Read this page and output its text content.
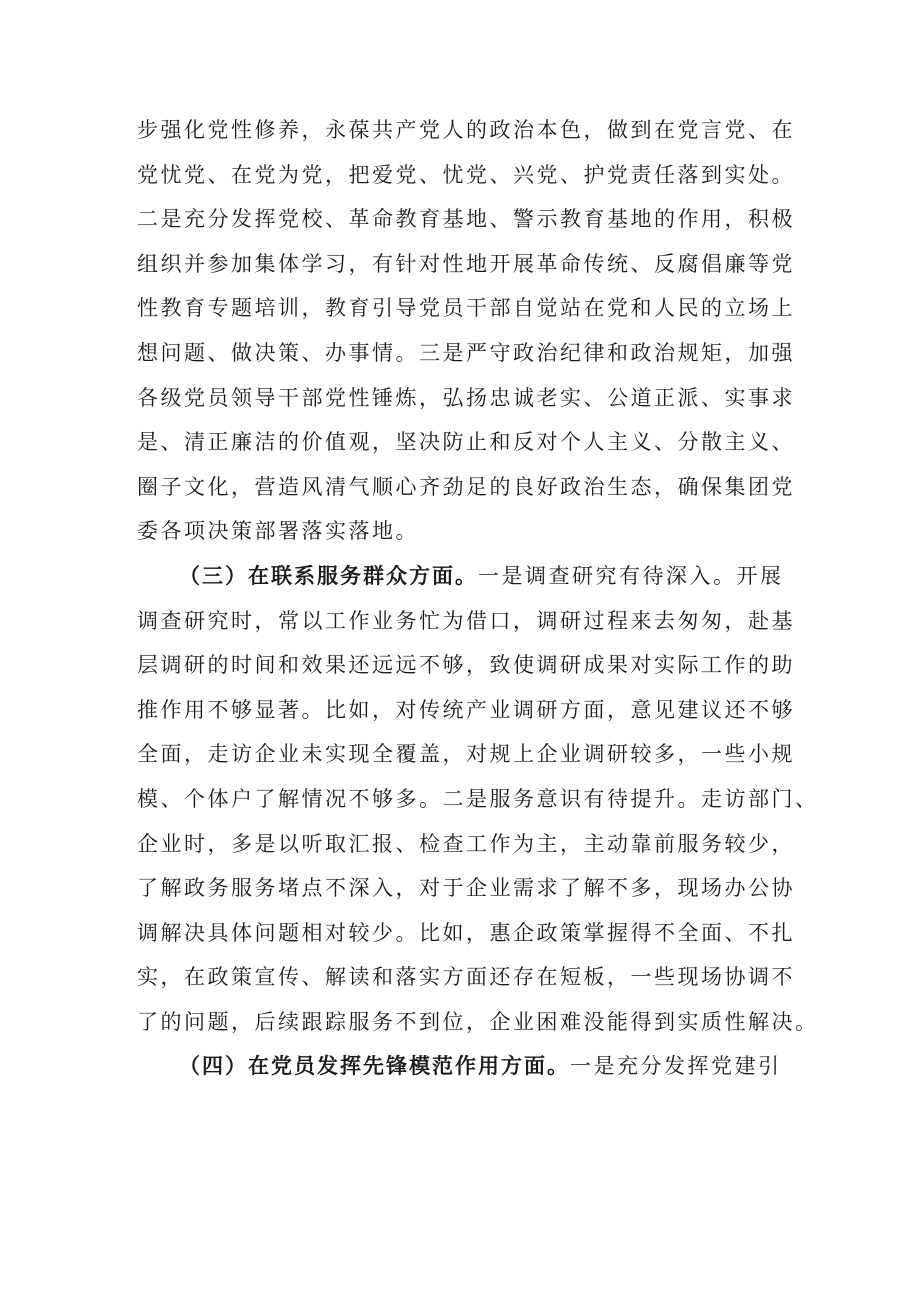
步强化党性修养，永葆共产党人的政治本色，做到在党言党、在
党忧党、在党为党，把爱党、忧党、兴党、护党责任落到实处。
二是充分发挥党校、革命教育基地、警示教育基地的作用，积极
组织并参加集体学习，有针对性地开展革命传统、反腐倡廉等党
性教育专题培训，教育引导党员干部自觉站在党和人民的立场上
想问题、做决策、办事情。三是严守政治纪律和政治规矩，加强
各级党员领导干部党性锤炼，弘扬忠诚老实、公道正派、实事求
是、清正廉洁的价值观，坚决防止和反对个人主义、分散主义、
圈子文化，营造风清气顺心齐劲足的良好政治生态，确保集团党
委各项决策部署落实落地。
（三）在联系服务群众方面。一是调查研究有待深入。开展
调查研究时，常以工作业务忙为借口，调研过程来去匆匆，赴基
层调研的时间和效果还远远不够，致使调研成果对实际工作的助
推作用不够显著。比如，对传统产业调研方面，意见建议还不够
全面，走访企业未实现全覆盖，对规上企业调研较多，一些小规
模、个体户了解情况不够多。二是服务意识有待提升。走访部门、
企业时，多是以听取汇报、检查工作为主，主动靠前服务较少，
了解政务服务堵点不深入，对于企业需求了解不多，现场办公协
调解决具体问题相对较少。比如，惠企政策掌握得不全面、不扎
实，在政策宣传、解读和落实方面还存在短板，一些现场协调不
了的问题，后续跟踪服务不到位，企业困难没能得到实质性解决。
（四）在党员发挥先锋模范作用方面。一是充分发挥党建引
